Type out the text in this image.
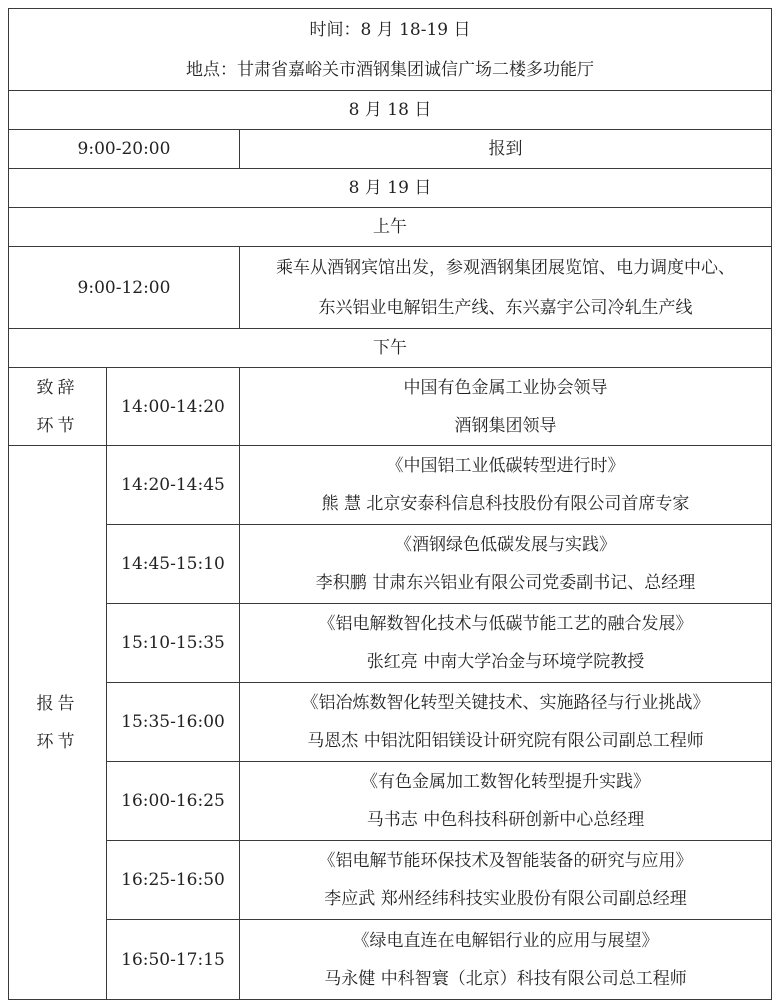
时间：8 月 18-19 日
地点：甘肃省嘉峪关市酒钢集团诚信广场二楼多功能厅		

8 月 18 日		
9:00-20:00		报到
8 月 19 日		
上午		
9:00-12:00		乘车从酒钢宾馆出发，参观酒钢集团展览馆、电力调度中心、
东兴铝业电解铝生产线、东兴嘉宇公司冷轧生产线

下午		

致辞
环节	14:00-14:20	中国有色金属工业协会领导
酒钢集团领导

报告
环节	14:20-14:45	《中国铝工业低碳转型进行时》
熊 慧 北京安泰科信息科技股份有限公司首席专家

	14:45-15:10	《酒钢绿色低碳发展与实践》
李积鹏 甘肃东兴铝业有限公司党委副书记、总经理

	15:10-15:35	《铝电解数智化技术与低碳节能工艺的融合发展》
张红亮 中南大学冶金与环境学院教授

	15:35-16:00	《铝冶炼数智化转型关键技术、实施路径与行业挑战》
马恩杰 中铝沈阳铝镁设计研究院有限公司副总工程师

	16:00-16:25	《有色金属加工数智化转型提升实践》
马书志 中色科技科研创新中心总经理

	16:25-16:50	《铝电解节能环保技术及智能装备的研究与应用》
李应武 郑州经纬科技实业股份有限公司副总经理

	16:50-17:15	《绿电直连在电解铝行业的应用与展望》
马永健 中科智寰（北京）科技有限公司总工程师
